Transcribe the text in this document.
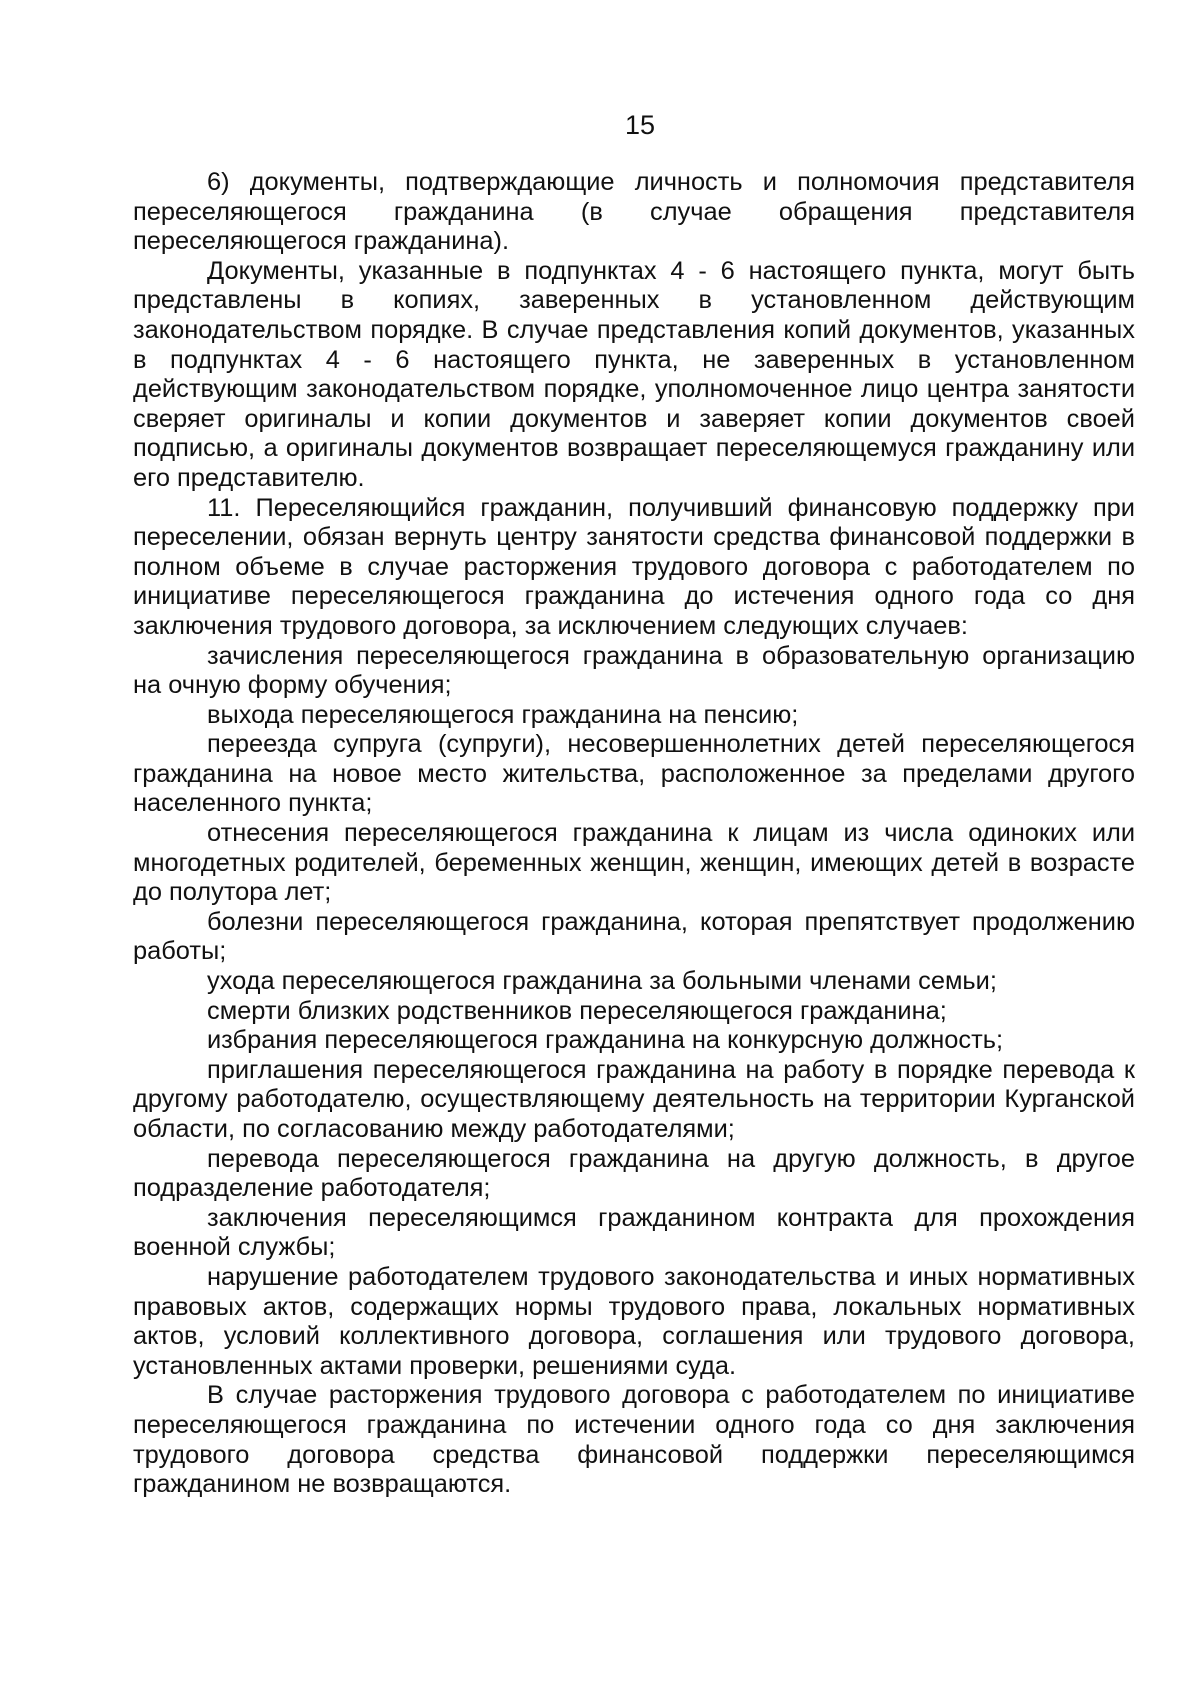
15

6) документы, подтверждающие личность и полномочия представителя переселяющегося гражданина (в случае обращения представителя переселяющегося гражданина).

Документы, указанные в подпунктах 4 - 6 настоящего пункта, могут быть представлены в копиях, заверенных в установленном действующим законодательством порядке. В случае представления копий документов, указанных в подпунктах 4 - 6 настоящего пункта, не заверенных в установленном действующим законодательством порядке, уполномоченное лицо центра занятости сверяет оригиналы и копии документов и заверяет копии документов своей подписью, а оригиналы документов возвращает переселяющемуся гражданину или его представителю.

11. Переселяющийся гражданин, получивший финансовую поддержку при переселении, обязан вернуть центру занятости средства финансовой поддержки в полном объеме в случае расторжения трудового договора с работодателем по инициативе переселяющегося гражданина до истечения одного года со дня заключения трудового договора, за исключением следующих случаев:

зачисления переселяющегося гражданина в образовательную организацию на очную форму обучения;

выхода переселяющегося гражданина на пенсию;

переезда супруга (супруги), несовершеннолетних детей переселяющегося гражданина на новое место жительства, расположенное за пределами другого населенного пункта;

отнесения переселяющегося гражданина к лицам из числа одиноких или многодетных родителей, беременных женщин, женщин, имеющих детей в возрасте до полутора лет;

болезни переселяющегося гражданина, которая препятствует продолжению работы;

ухода переселяющегося гражданина за больными членами семьи;

смерти близких родственников переселяющегося гражданина;

избрания переселяющегося гражданина на конкурсную должность;

приглашения переселяющегося гражданина на работу в порядке перевода к другому работодателю, осуществляющему деятельность на территории Курганской области, по согласованию между работодателями;

перевода переселяющегося гражданина на другую должность, в другое подразделение работодателя;

заключения переселяющимся гражданином контракта для прохождения военной службы;

нарушение работодателем трудового законодательства и иных нормативных правовых актов, содержащих нормы трудового права, локальных нормативных актов, условий коллективного договора, соглашения или трудового договора, установленных актами проверки, решениями суда.

В случае расторжения трудового договора с работодателем по инициативе переселяющегося гражданина по истечении одного года со дня заключения трудового договора средства финансовой поддержки переселяющимся гражданином не возвращаются.
